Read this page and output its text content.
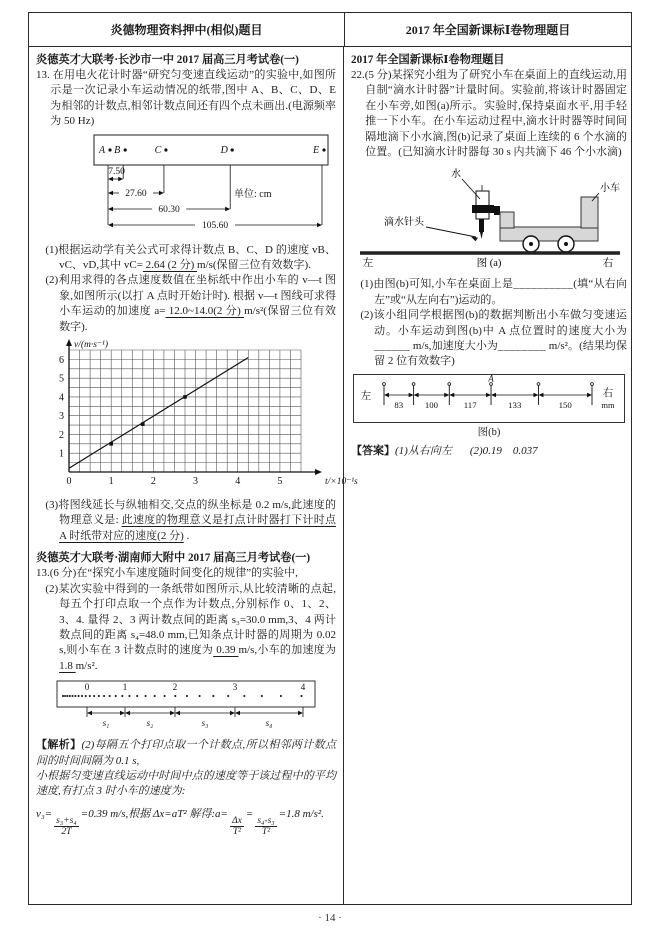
炎德物理资料押中(相似)题目	2017 年全国新课标Ⅰ卷物理题目

炎德英才大联考·长沙市一中 2017 届高三月考试卷(一)

13. 在用电火花计时器“研究匀变速直线运动”的实验中,如图所示是一次记录小车运动情况的纸带,图中 A、B、C、D、E 为相邻的计数点,相邻计数点间还有四个点未画出.(电源频率为 50 Hz)

A B	C	D	E
7.50
27.60
60.30
105.60
单位: cm

(1)根据运动学有关公式可求得计数点 B、C、D 的速度 vB、vC、vD,其中 vC= 2.64 (2 分) m/s(保留三位有效数字).

(2)利用求得的各点速度数值在坐标纸中作出小车的 v—t 图象,如图所示(以打 A 点时开始计时). 根据 v—t 图线可求得小车运动的加速度 a= 12.0~14.0(2 分) m/s²(保留三位有效数字).

1
2
3
4
5
6
0	1	2	3	4	5
v/(m·s⁻¹)
t/×10⁻¹s

(3)将图线延长与纵轴相交,交点的纵坐标是 0.2 m/s,此速度的物理意义是: 此速度的物理意义是打点计时器打下计时点 A 时纸带对应的速度(2 分) .

炎德英才大联考·湖南师大附中 2017 届高三月考试卷(一)

13.(6 分)在“探究小车速度随时间变化的规律”的实验中,

(2)某次实验中得到的一条纸带如图所示,从比较清晰的点起,每五个打印点取一个点作为计数点,分别标作 0、1、2、3、4. 量得 2、3 两计数点间的距离 s₃=30.0 mm,3、4 两计数点间的距离 s₄=48.0 mm,已知条点计时器的周期为 0.02 s,则小车在 3 计数点时的速度为 0.39 m/s,小车的加速度为 1.8 m/s².

0	1	2	3	4
s₁	s₂	s₃	s₄

【解析】(2)每隔五个打印点取一个计数点,所以相邻两计数点间的时间间隔为 0.1 s,

小根据匀变速直线运动中时间中点的速度等于该过程中的平均速度,有打点 3 时小车的速度为:

v₃=
$\frac{\text{s₃+s₄}}{2T}$
=0.39 m/s,根据 Δx=aT² 解得:a=
$\frac{\Delta x}{\text{T²}}$
=
$\frac{\text{s₄-s₃}}{\text{T²}}$
=1.8 m/s².

2017 年全国新课标Ⅰ卷物理题目

22.(5 分)某探究小组为了研究小车在桌面上的直线运动,用自制“滴水计时器”计量时间。实验前,将该计时器固定在小车旁,如图(a)所示。实验时,保持桌面水平,用手轻推一下小车。在小车运动过程中,滴水计时器等时间间隔地滴下小水滴,图(b)记录了桌面上连续的 6 个水滴的位置。(已知滴水计时器每 30 s 内共滴下 46 个小水滴)

水
滴水针头
小车
左	图 (a)	右

(1)由图(b)可知,小车在桌面上是__________(填“从右向左”或“从左向右”)运动的。

(2)该小组同学根据图(b)的数据判断出小车做匀变速运动。小车运动到图(b)中 A 点位置时的速度大小为______ m/s,加速度大小为________ m/s²。(结果均保留 2 位有效数字)

A
83 100	117	133	150
左	右
mm
图(b)

【答案】(1)从右向左 (2)0.19　0.037

· 14 ·
